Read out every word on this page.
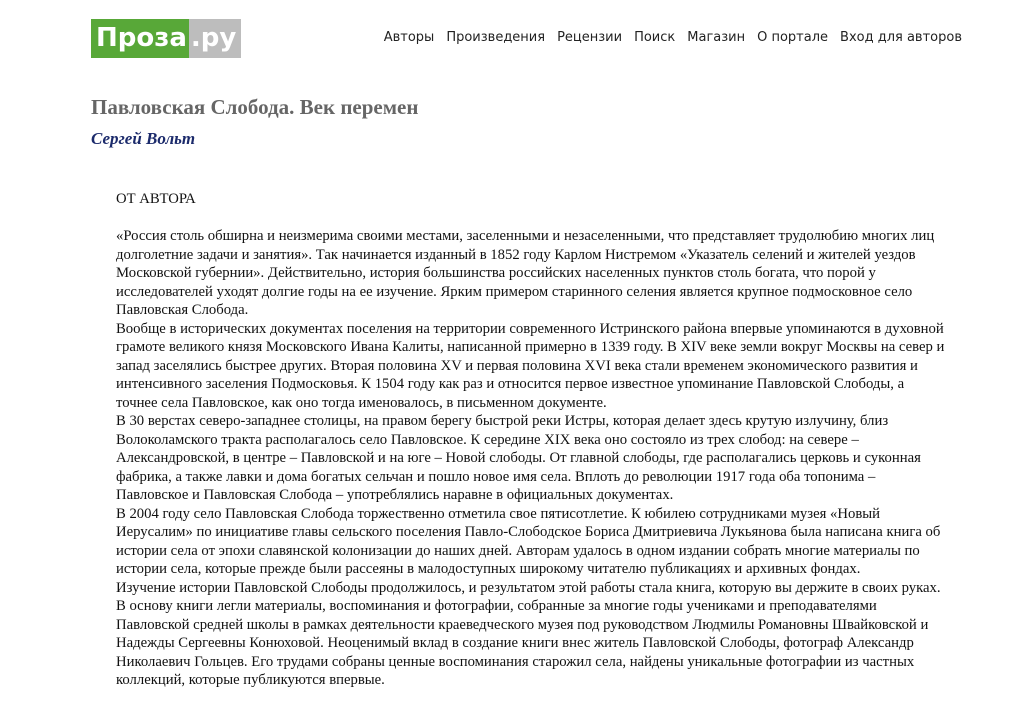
Проза .ру	Авторы Произведения Рецензии Поиск Магазин О портале Вход для авторов
Павловская Слобода. Век перемен
Сергей Вольт

ОТ АВТОРА

«Россия столь обширна и неизмерима своими местами, заселенными и незаселенными, что представляет трудолюбию многих лиц долголетние задачи и занятия». Так начинается изданный в 1852 году Карлом Нистремом «Указатель селений и жителей уездов Московской губернии». Действительно, история большинства российских населенных пунктов столь богата, что порой у исследователей уходят долгие годы на ее изучение. Ярким примером старинного селения является крупное подмосковное село Павловская Слобода.

Вообще в исторических документах поселения на территории современного Истринского района впервые упоминаются в духовной грамоте великого князя Московского Ивана Калиты, написанной примерно в 1339 году. В XIV веке земли вокруг Москвы на север и запад заселялись быстрее других. Вторая половина XV и первая половина XVI века стали временем экономического развития и интенсивного заселения Подмосковья. К 1504 году как раз и относится первое известное упоминание Павловской Слободы, а точнее села Павловское, как оно тогда именовалось, в письменном документе.

В 30 верстах северо-западнее столицы, на правом берегу быстрой реки Истры, которая делает здесь крутую излучину, близ Волоколамского тракта располагалось село Павловское. К середине XIX века оно состояло из трех слобод: на севере – Александровской, в центре – Павловской и на юге – Новой слободы. От главной слободы, где располагались церковь и суконная фабрика, а также лавки и дома богатых сельчан и пошло новое имя села. Вплоть до революции 1917 года оба топонима – Павловское и Павловская Слобода – употреблялись наравне в официальных документах.

В 2004 году село Павловская Слобода торжественно отметила свое пятисотлетие. К юбилею сотрудниками музея «Новый Иерусалим» по инициативе главы сельского поселения Павло-Слободское Бориса Дмитриевича Лукьянова была написана книга об истории села от эпохи славянской колонизации до наших дней. Авторам удалось в одном издании собрать многие материалы по истории села, которые прежде были рассеяны в малодоступных широкому читателю публикациях и архивных фондах.

Изучение истории Павловской Слободы продолжилось, и результатом этой работы стала книга, которую вы держите в своих руках.

В основу книги легли материалы, воспоминания и фотографии, собранные за многие годы учениками и преподавателями Павловской средней школы в рамках деятельности краеведческого музея под руководством Людмилы Романовны Швайковской и Надежды Сергеевны Конюховой. Неоценимый вклад в создание книги внес житель Павловской Слободы, фотограф Александр Николаевич Гольцев. Его трудами собраны ценные воспоминания старожил села, найдены уникальные фотографии из частных коллекций, которые публикуются впервые.
